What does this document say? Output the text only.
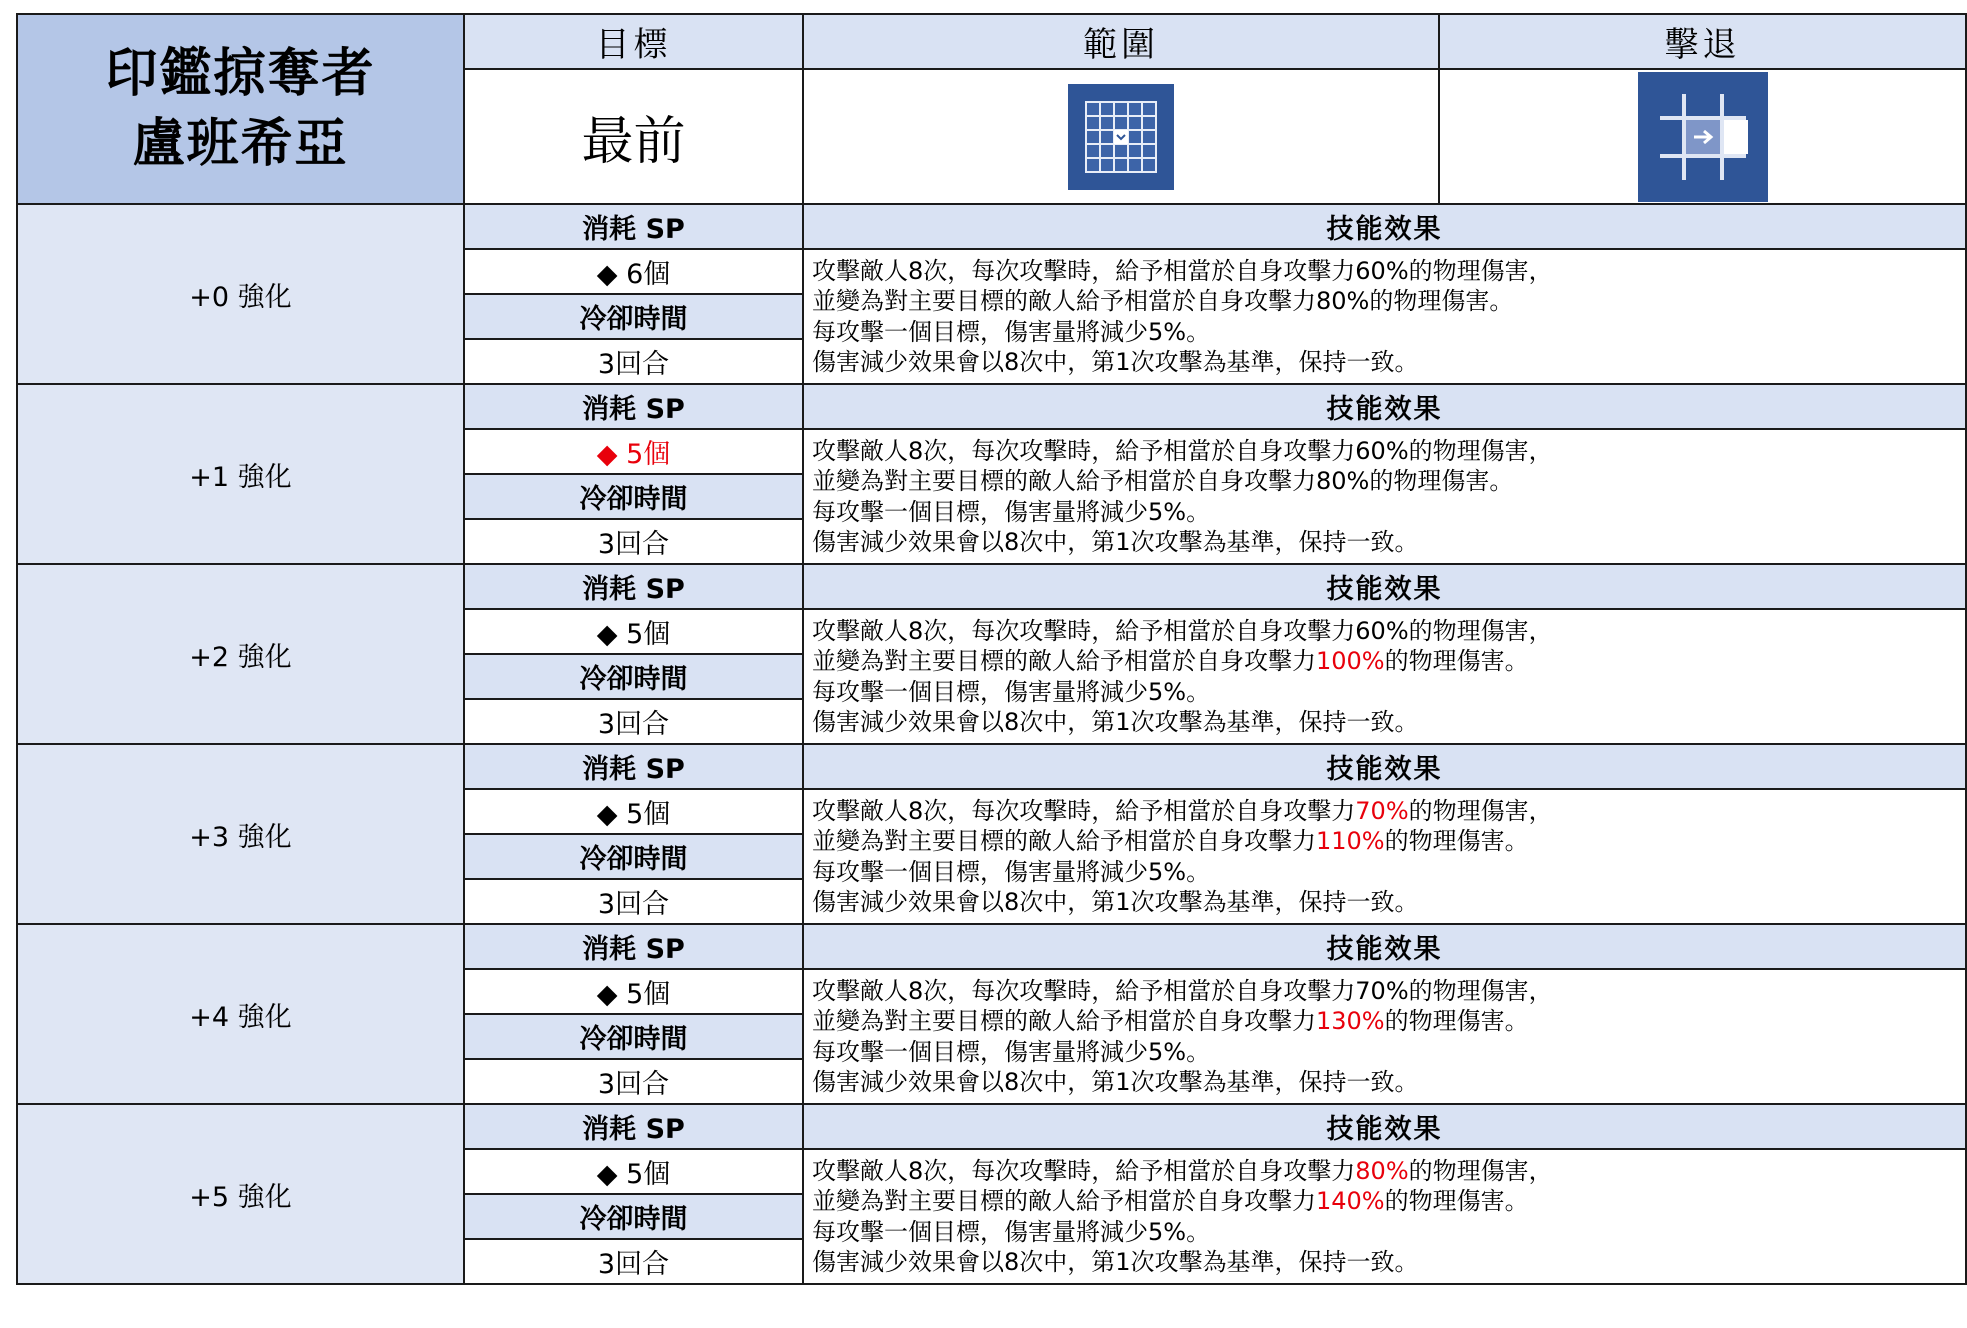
印鑑掠奪者
盧班希亞	目標	範圍	擊退
	最前	

+0 強化	消耗 SP	技能效果	
	◆ 6個	攻擊敵人8次，每次攻擊時，給予相當於自身攻擊力60%的物理傷害，
並變為對主要目標的敵人給予相當於自身攻擊力80%的物理傷害。
每攻擊一個目標，傷害量將減少5%。
傷害減少效果會以8次中，第1次攻擊為基準，保持一致。	

	冷卻時間		
	3回合		
+1 強化	消耗 SP	技能效果	
	◆ 5個	攻擊敵人8次，每次攻擊時，給予相當於自身攻擊力60%的物理傷害，
並變為對主要目標的敵人給予相當於自身攻擊力80%的物理傷害。
每攻擊一個目標，傷害量將減少5%。
傷害減少效果會以8次中，第1次攻擊為基準，保持一致。	

	冷卻時間		
	3回合		
+2 強化	消耗 SP	技能效果	
	◆ 5個	攻擊敵人8次，每次攻擊時，給予相當於自身攻擊力60%的物理傷害，
並變為對主要目標的敵人給予相當於自身攻擊力100%的物理傷害。
每攻擊一個目標，傷害量將減少5%。
傷害減少效果會以8次中，第1次攻擊為基準，保持一致。	

	冷卻時間		
	3回合		
+3 強化	消耗 SP	技能效果	
	◆ 5個	攻擊敵人8次，每次攻擊時，給予相當於自身攻擊力70%的物理傷害，
並變為對主要目標的敵人給予相當於自身攻擊力110%的物理傷害。
每攻擊一個目標，傷害量將減少5%。
傷害減少效果會以8次中，第1次攻擊為基準，保持一致。	

	冷卻時間		
	3回合		
+4 強化	消耗 SP	技能效果	
	◆ 5個	攻擊敵人8次，每次攻擊時，給予相當於自身攻擊力70%的物理傷害，
並變為對主要目標的敵人給予相當於自身攻擊力130%的物理傷害。
每攻擊一個目標，傷害量將減少5%。
傷害減少效果會以8次中，第1次攻擊為基準，保持一致。	

	冷卻時間		
	3回合		
+5 強化	消耗 SP	技能效果	
	◆ 5個	攻擊敵人8次，每次攻擊時，給予相當於自身攻擊力80%的物理傷害，
並變為對主要目標的敵人給予相當於自身攻擊力140%的物理傷害。
每攻擊一個目標，傷害量將減少5%。
傷害減少效果會以8次中，第1次攻擊為基準，保持一致。	

	冷卻時間		
	3回合		
